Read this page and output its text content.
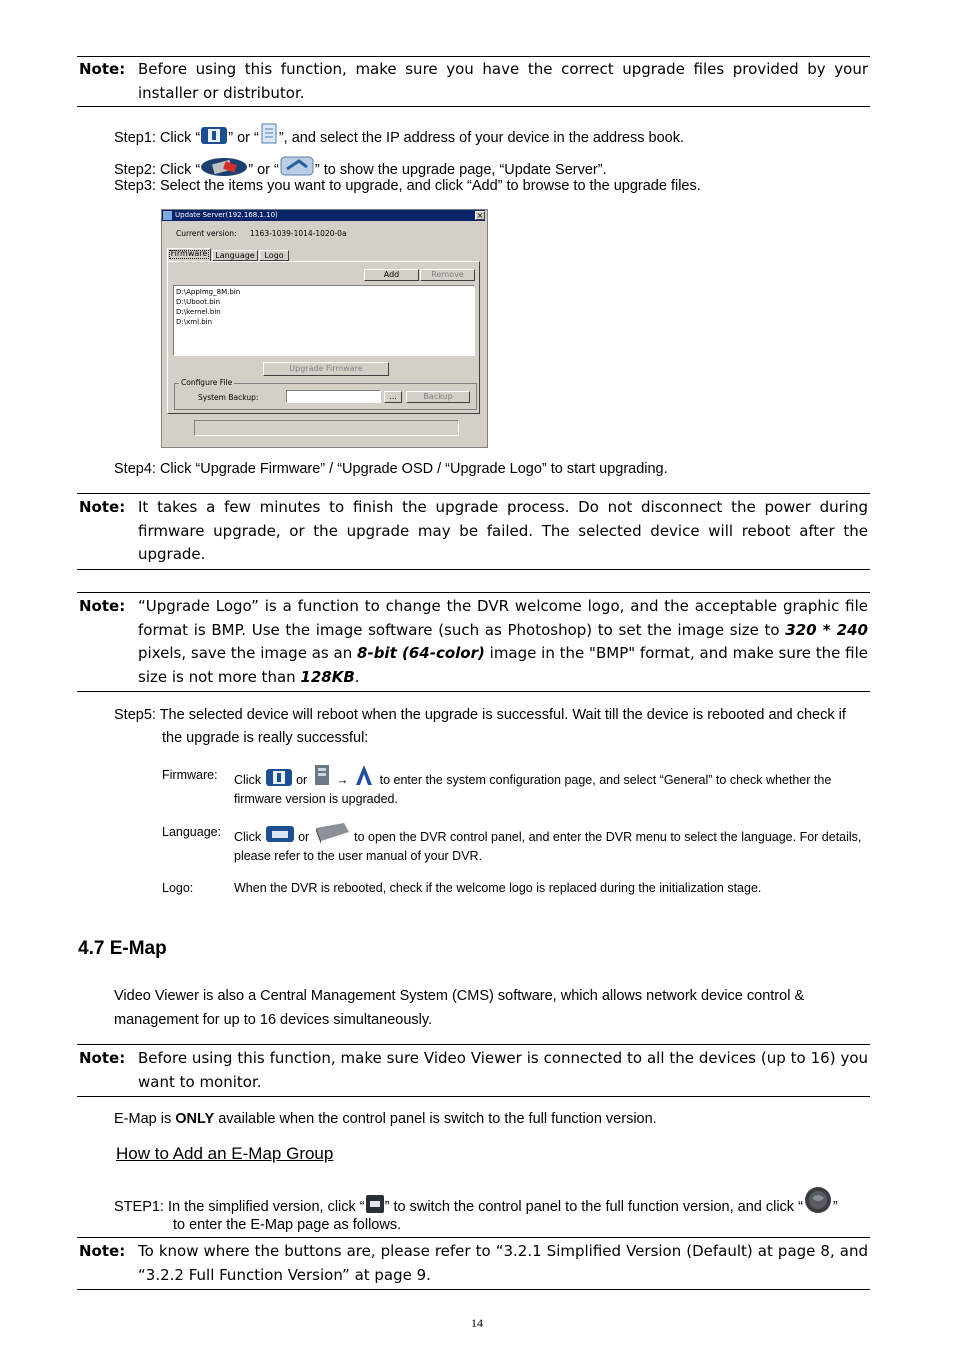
Note: Before using this function, make sure you have the correct upgrade files provided by your installer or distributor.
Step1: Click “ ” or “ ”, and select the IP address of your device in the address book.
Step2: Click “	” or “ ” to show the upgrade page, “Update Server”.
Step3: Select the items you want to upgrade, and click “Add” to browse to the upgrade files.
Update Server(192.168.1.10)	×
Current version: 1163-1039-1014-1020-0a
Firmware Language	Logo
Add	Remove
D:\AppImg_8M.bin
D:\Uboot.bin
D:\kernel.bin
D:\xml.bin
Upgrade Firmware
Configure File
System Backup:	...	Backup
Step4: Click “Upgrade Firmware” / “Upgrade OSD / “Upgrade Logo” to start upgrading.
Note: It takes a few minutes to finish the upgrade process. Do not disconnect the power during firmware upgrade, or the upgrade may be failed. The selected device will reboot after the upgrade.
Note: “Upgrade Logo” is a function to change the DVR welcome logo, and the acceptable graphic file format is BMP. Use the image software (such as Photoshop) to set the image size to 320 * 240 pixels, save the image as an 8-bit (64-color) image in the "BMP" format, and make sure the file size is not more than 128KB.
Step5: The selected device will reboot when the upgrade is successful. Wait till the device is rebooted and check if
the upgrade is really successful:
Firmware: Click	or → to enter the system configuration page, and select “General” to check whether the
firmware version is upgraded.
Language: Click	or	to open the DVR control panel, and enter the DVR menu to select the language. For details,
please refer to the user manual of your DVR.
Logo:	When the DVR is rebooted, check if the welcome logo is replaced during the initialization stage.
4.7 E-Map
Video Viewer is also a Central Management System (CMS) software, which allows network device control &
management for up to 16 devices simultaneously.
Note: Before using this function, make sure Video Viewer is connected to all the devices (up to 16) you want to monitor.
E-Map is ONLY available when the control panel is switch to the full function version.
How to Add an E-Map Group
STEP1: In the simplified version, click “ ” to switch the control panel to the full function version, and click “ ”
to enter the E-Map page as follows.
Note: To know where the buttons are, please refer to “3.2.1 Simplified Version (Default) at page 8, and “3.2.2 Full Function Version” at page 9.
14
